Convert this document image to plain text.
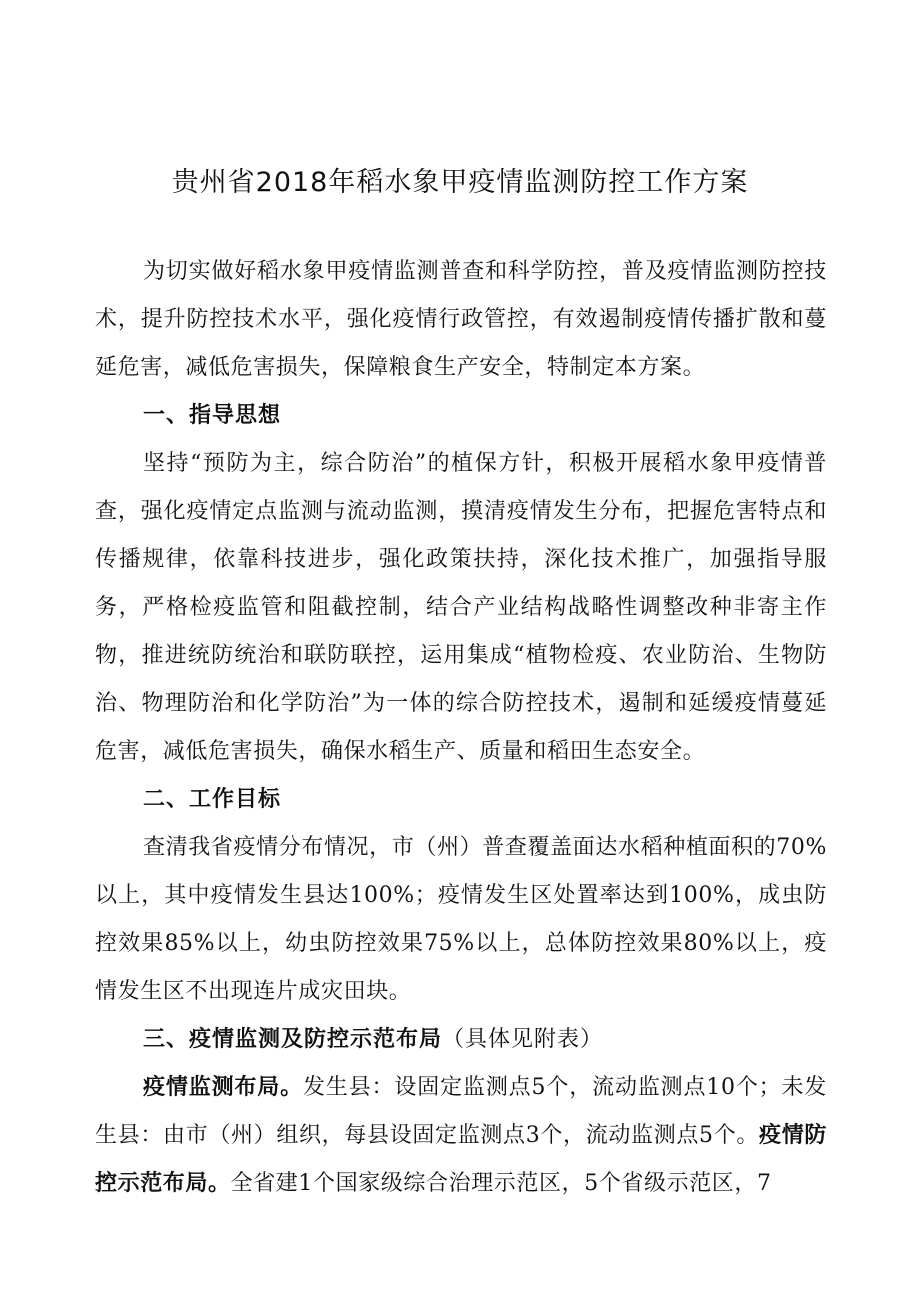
贵州省2018年稻水象甲疫情监测防控工作方案

为切实做好稻水象甲疫情监测普查和科学防控，普及疫情监测防控技术，提升防控技术水平，强化疫情行政管控，有效遏制疫情传播扩散和蔓延危害，减低危害损失，保障粮食生产安全，特制定本方案。

一、指导思想

坚持“预防为主，综合防治”的植保方针，积极开展稻水象甲疫情普查，强化疫情定点监测与流动监测，摸清疫情发生分布，把握危害特点和传播规律，依靠科技进步，强化政策扶持，深化技术推广，加强指导服务，严格检疫监管和阻截控制，结合产业结构战略性调整改种非寄主作物，推进统防统治和联防联控，运用集成“植物检疫、农业防治、生物防治、物理防治和化学防治”为一体的综合防控技术，遏制和延缓疫情蔓延危害，减低危害损失，确保水稻生产、质量和稻田生态安全。

二、工作目标

查清我省疫情分布情况，市（州）普查覆盖面达水稻种植面积的70%以上，其中疫情发生县达100%；疫情发生区处置率达到100%，成虫防控效果85%以上，幼虫防控效果75%以上，总体防控效果80%以上，疫情发生区不出现连片成灾田块。

三、疫情监测及防控示范布局（具体见附表）

疫情监测布局。发生县：设固定监测点5个，流动监测点10个；未发生县：由市（州）组织，每县设固定监测点3个，流动监测点5个。疫情防控示范布局。全省建1个国家级综合治理示范区，5个省级示范区，7
